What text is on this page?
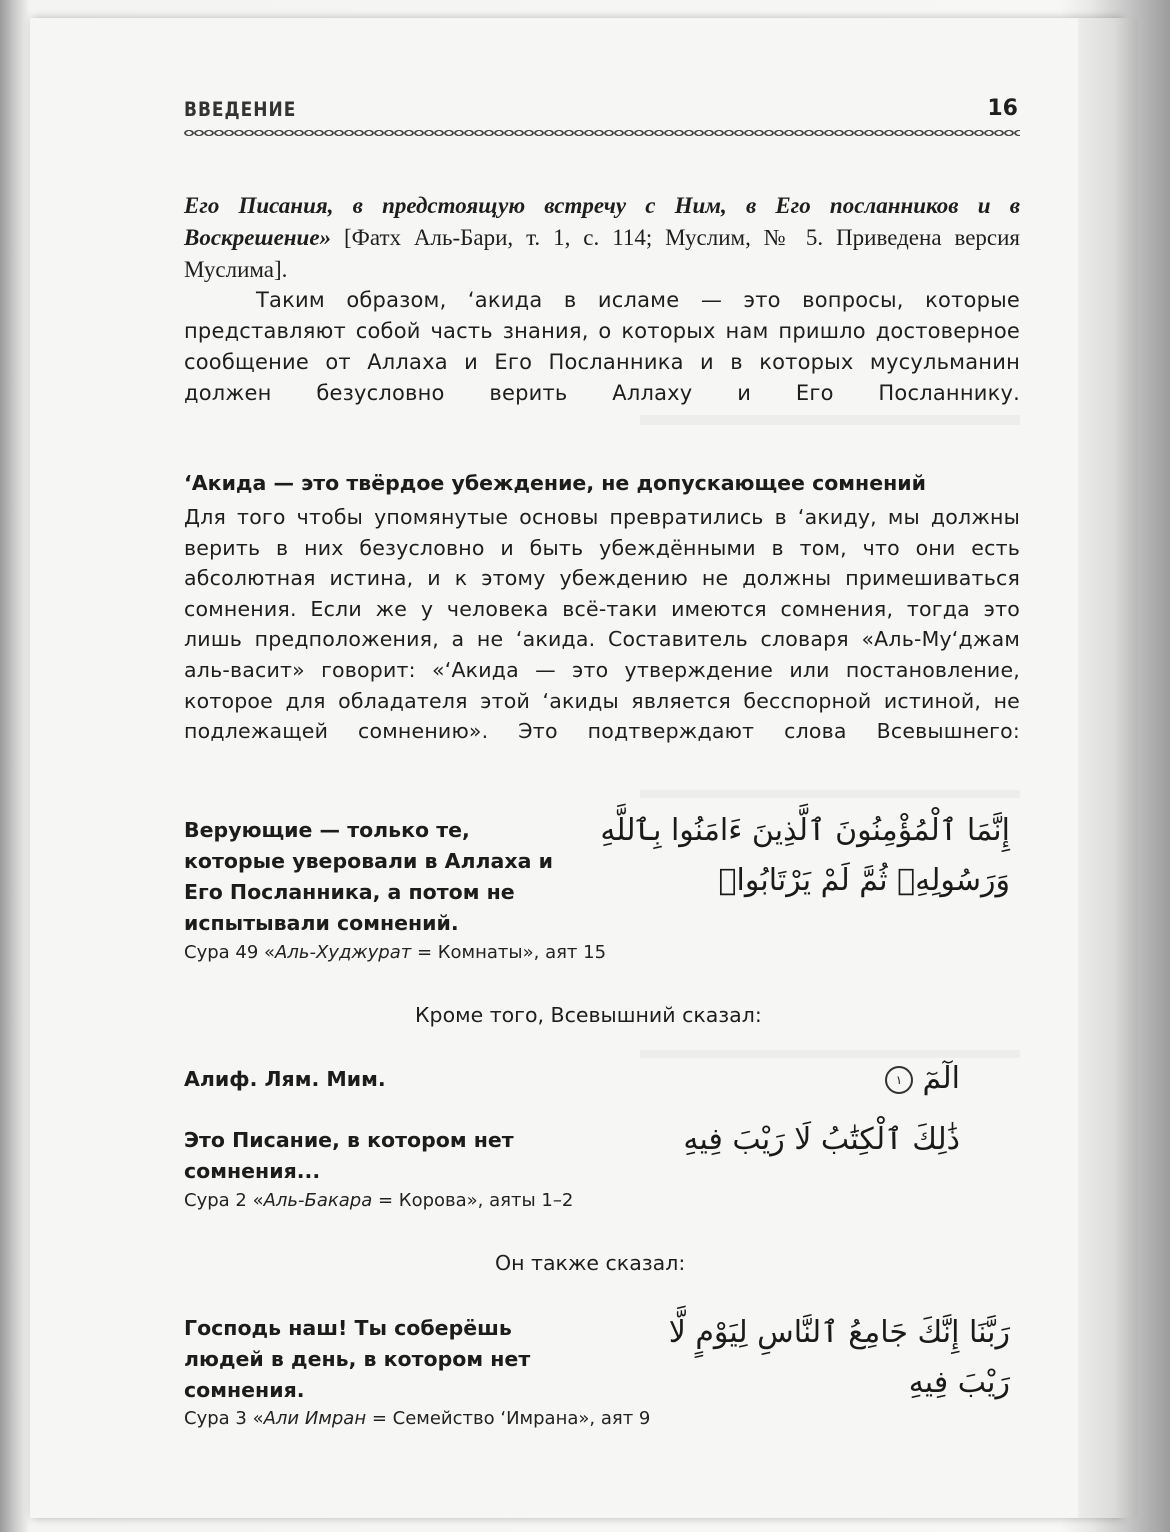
ВВЕДЕНИЕ	16
Его Писания, в предстоящую встречу с Ним, в Его посланников и в Воскрешение» [Фатх Аль-Бари, т. 1, с. 114; Муслим, № 5. Приведена версия Муслима].
Таким образом, ‘акида в исламе — это вопросы, которые представляют собой часть знания, о которых нам пришло достоверное сообщение от Аллаха и Его Посланника и в которых мусульманин должен безусловно верить Аллаху и Его Посланнику.
‘Акида — это твёрдое убеждение, не допускающее сомнений
Для того чтобы упомянутые основы превратились в ‘акиду, мы должны верить в них безусловно и быть убеждёнными в том, что они есть абсолютная истина, и к этому убеждению не должны примешиваться сомнения. Если же у человека всё-таки имеются сомнения, тогда это лишь предположения, а не ‘акида. Составитель словаря «Аль-Му‘джам аль-васит» говорит: «‘Акида — это утверждение или постановление, которое для обладателя этой ‘акиды является бесспорной истиной, не подлежащей сомнению». Это подтверждают слова Всевышнего:
Верующие — только те, которые уверовали в Аллаха и Его Посланника, а потом не испытывали сомнений.
إِنَّمَا ٱلْمُؤْمِنُونَ ٱلَّذِينَ ءَامَنُوا بِٱللَّهِ
وَرَسُولِهِۦ ثُمَّ لَمْ يَرْتَابُوا۟
Сура 49 «Аль-Худжурат = Комнаты», аят 15
Кроме того, Всевышний сказал:
Алиф. Лям. Мим.	الٓمٓ ١
Это Писание, в котором нет сомнения...
ذَٰلِكَ ٱلْكِتَٰبُ لَا رَيْبَ فِيهِ
Сура 2 «Аль-Бакара = Корова», аяты 1–2
Он также сказал:
Господь наш! Ты соберёшь людей в день, в котором нет сомнения.
رَبَّنَا إِنَّكَ جَامِعُ ٱلنَّاسِ لِيَوْمٍ لَّا
رَيْبَ فِيهِ
Сура 3 «Али Имран = Семейство ‘Имрана», аят 9
